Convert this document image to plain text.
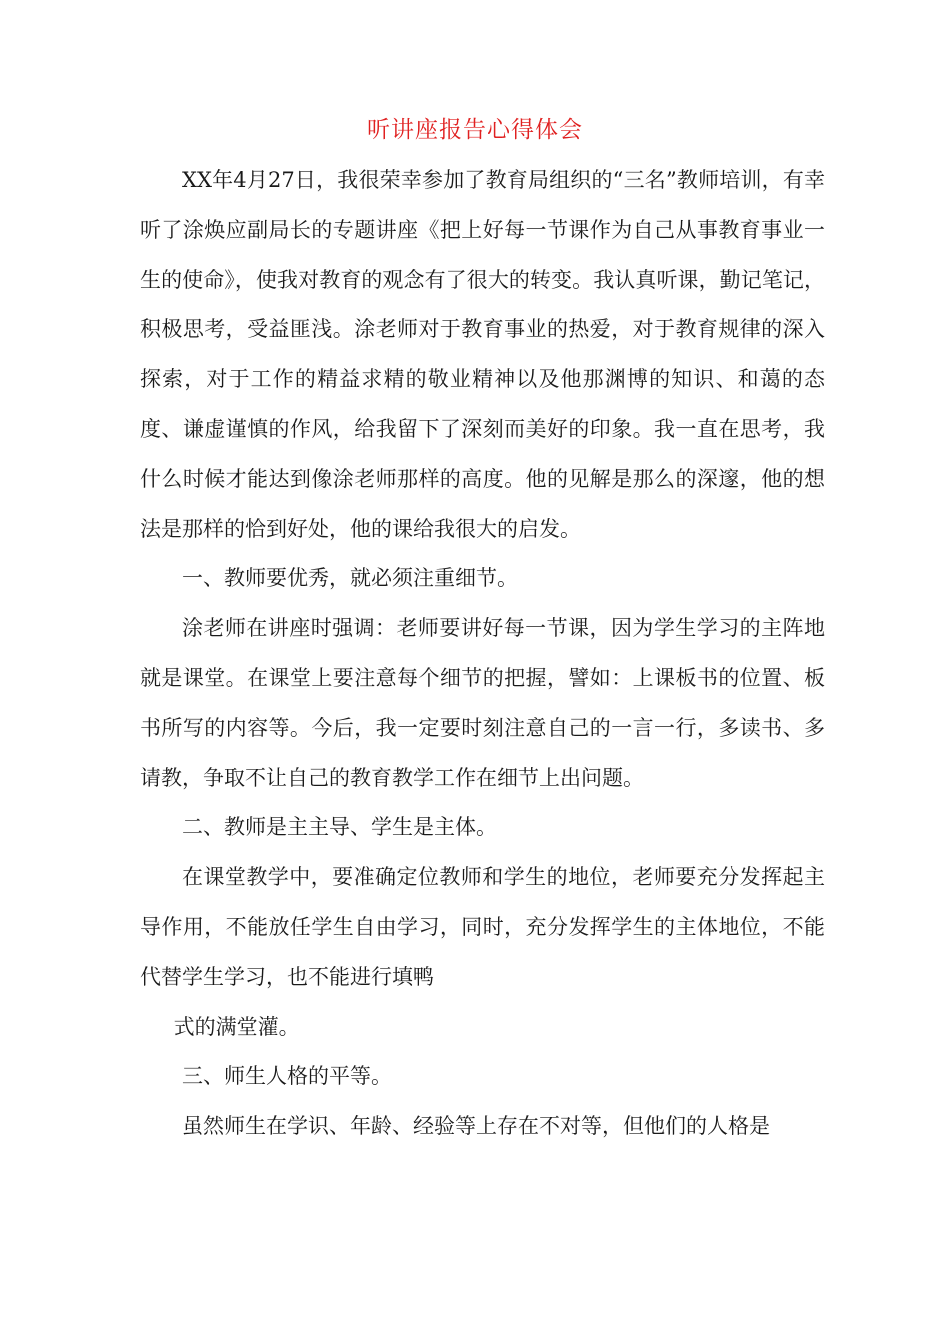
听讲座报告心得体会

XX年4月27日，我很荣幸参加了教育局组织的“三名”教师培训，有幸听了涂焕应副局长的专题讲座《把上好每一节课作为自己从事教育事业一生的使命》，使我对教育的观念有了很大的转变。我认真听课，勤记笔记，积极思考，受益匪浅。涂老师对于教育事业的热爱，对于教育规律的深入探索，对于工作的精益求精的敬业精神以及他那渊博的知识、和蔼的态度、谦虚谨慎的作风，给我留下了深刻而美好的印象。我一直在思考，我什么时候才能达到像涂老师那样的高度。他的见解是那么的深邃，他的想法是那样的恰到好处，他的课给我很大的启发。

一、教师要优秀，就必须注重细节。

涂老师在讲座时强调：老师要讲好每一节课，因为学生学习的主阵地就是课堂。在课堂上要注意每个细节的把握，譬如：上课板书的位置、板书所写的内容等。今后，我一定要时刻注意自己的一言一行，多读书、多请教，争取不让自己的教育教学工作在细节上出问题。

二、教师是主主导、学生是主体。

在课堂教学中，要准确定位教师和学生的地位，老师要充分发挥起主导作用，不能放任学生自由学习，同时，充分发挥学生的主体地位，不能代替学生学习，也不能进行填鸭

式的满堂灌。

三、师生人格的平等。

虽然师生在学识、年龄、经验等上存在不对等，但他们的人格是
